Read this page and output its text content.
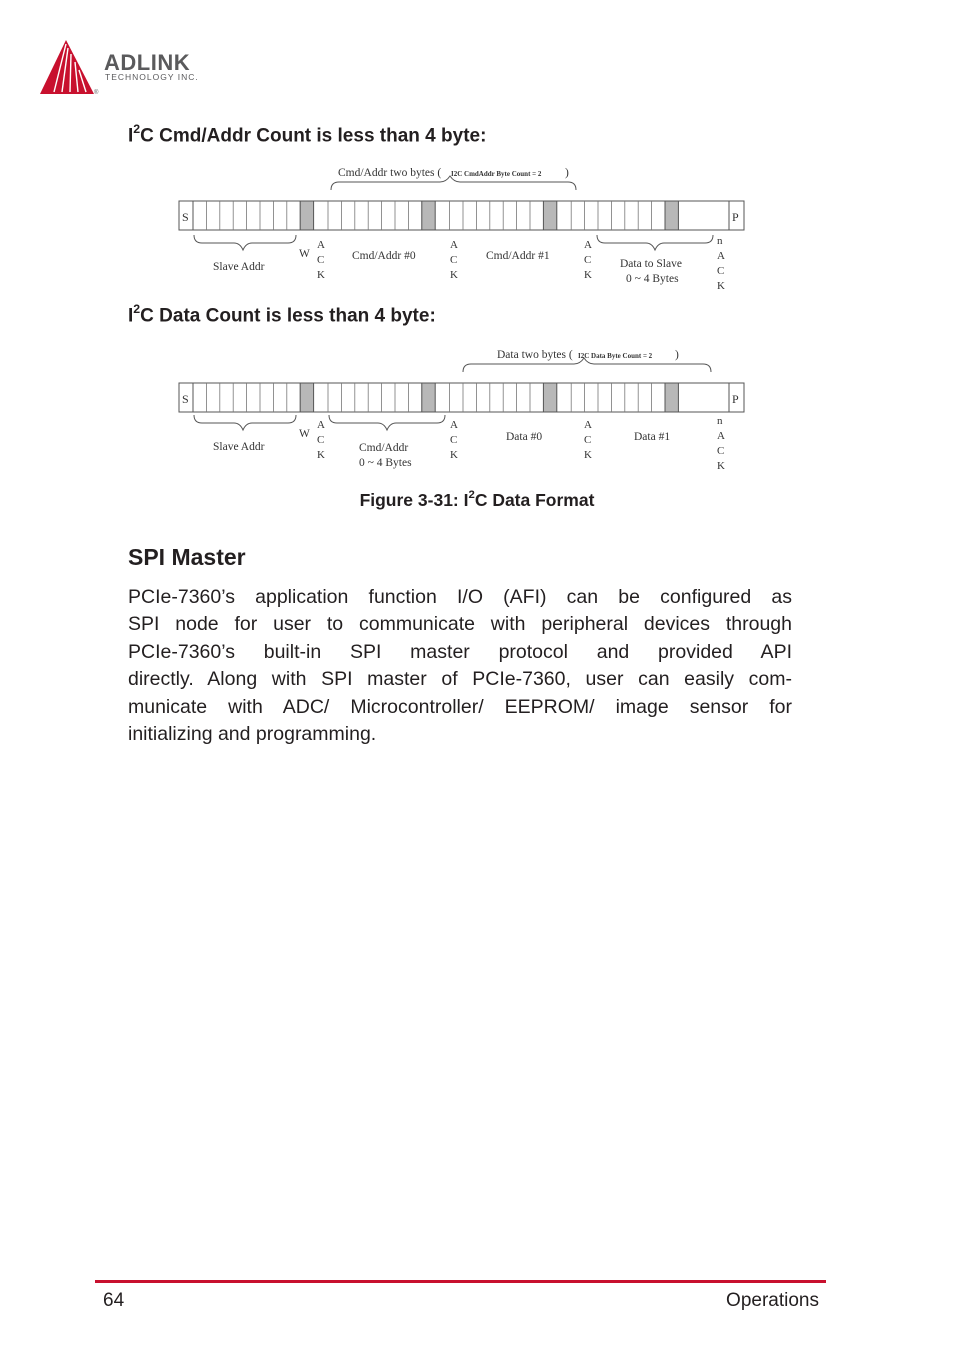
ADLINK
TECHNOLOGY INC.
®
$I^2C$ Cmd/Addr Count is less than 4 byte:
Cmd/Addr two bytes ( I2C CmdAddr Byte Count = 2 )
S	P
Slave Addr
W	Cmd/Addr #0	Cmd/Addr #1
Data to Slave
0 ~ 4 Bytes
A
C
K
A
C
K
A
C
K
n
A
C
K
$I^2C$ Data Count is less than 4 byte:
Data two bytes ( I2C Data Byte Count = 2 )
S	P
Slave Addr
W
Cmd/Addr
0 ~ 4 Bytes
Data #0	Data #1
A
C
K
A
C
K
A
C
K
n
A
C
K
Figure 3-31: $I^2C$ Data Format
SPI Master
PCIe-7360’s application function I/O (AFI) can be configured as
SPI node for user to communicate with peripheral devices through
PCIe-7360’s built-in SPI master protocol and provided API
directly. Along with SPI master of PCIe-7360, user can easily com-
municate with ADC/ Microcontroller/ EEPROM/ image sensor for
initializing and programming.
64	Operations
